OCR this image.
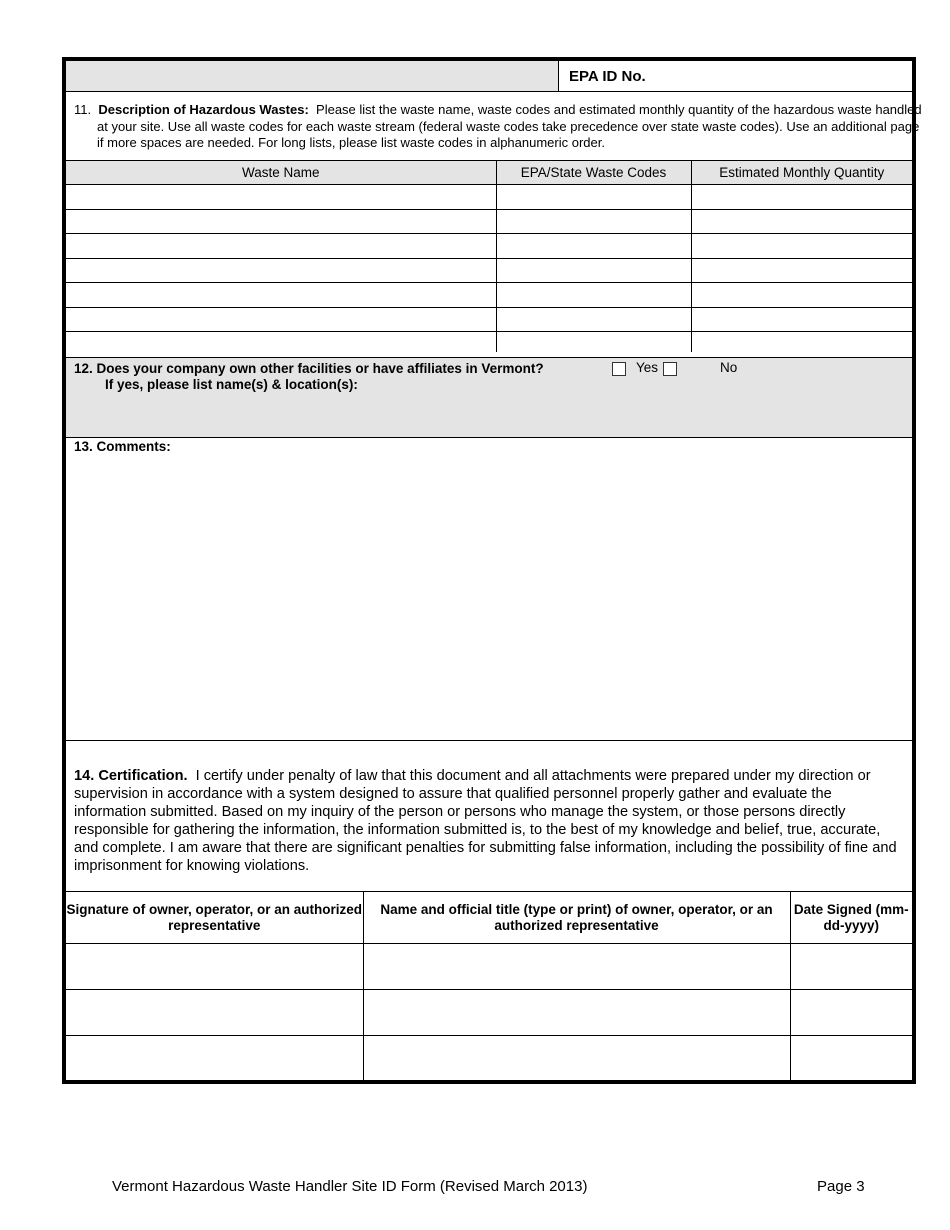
EPA ID No.

11. Description of Hazardous Wastes: Please list the waste name, waste codes and estimated monthly quantity of the hazardous waste handled at your site. Use all waste codes for each waste stream (federal waste codes take precedence over state waste codes). Use an additional page if more spaces are needed. For long lists, please list waste codes in alphanumeric order.

Waste Name	EPA/State Waste Codes	Estimated Monthly Quantity

12. Does your company own other facilities or have affiliates in Vermont?
If yes, please list name(s) & location(s):
Yes	No
13. Comments:

14. Certification. I certify under penalty of law that this document and all attachments were prepared under my direction or supervision in accordance with a system designed to assure that qualified personnel properly gather and evaluate the information submitted. Based on my inquiry of the person or persons who manage the system, or those persons directly responsible for gathering the information, the information submitted is, to the best of my knowledge and belief, true, accurate, and complete. I am aware that there are significant penalties for submitting false information, including the possibility of fine and imprisonment for knowing violations.

Signature of owner, operator, or an authorized representative	Name and official title (type or print) of owner, operator, or an authorized representative	Date Signed (mm-dd-yyyy)

Vermont Hazardous Waste Handler Site ID Form (Revised March 2013)	Page 3
